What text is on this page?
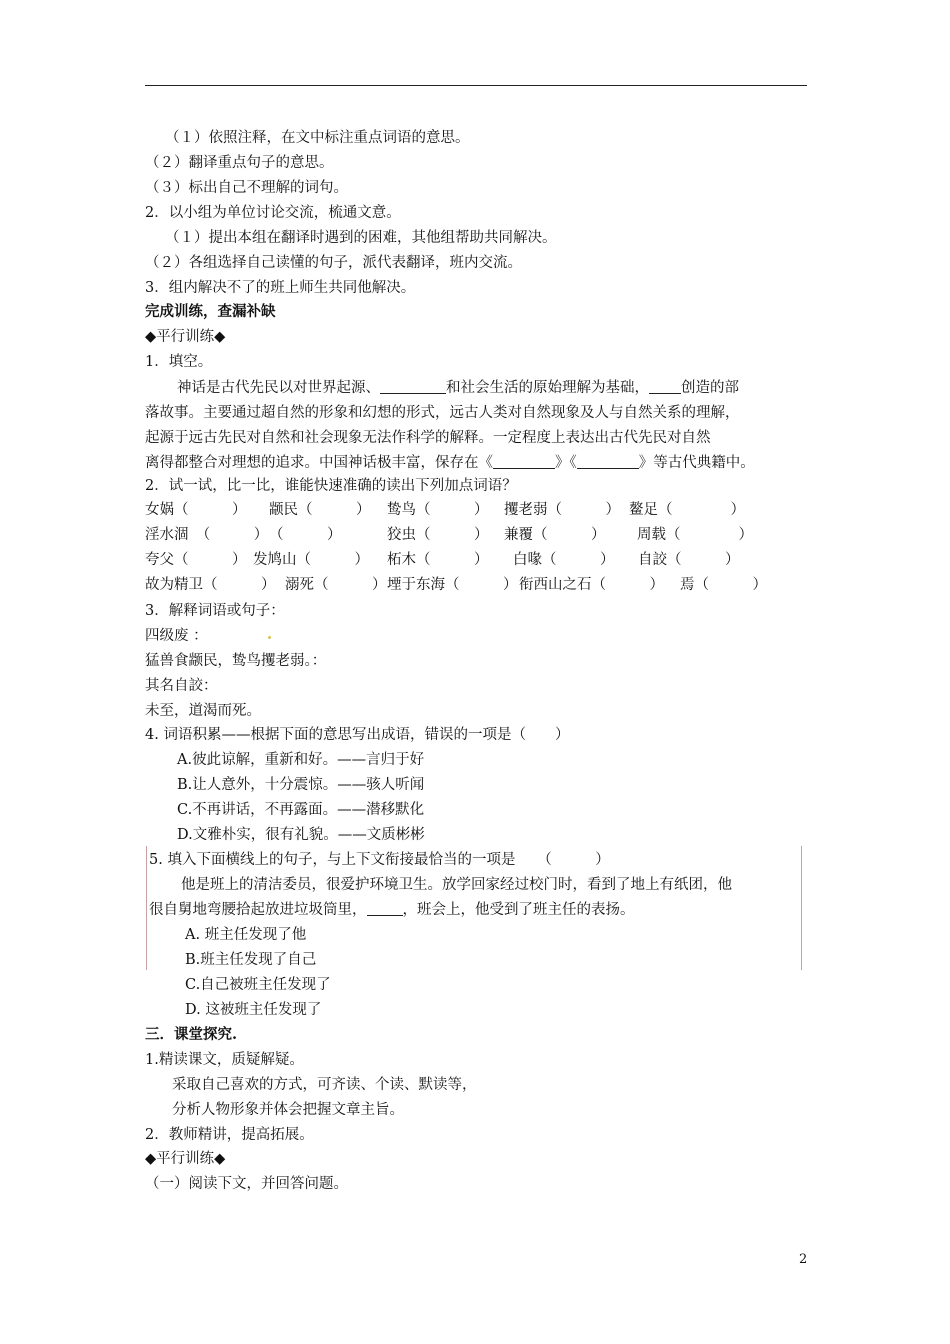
（１）依照注释，在文中标注重点词语的意思。
（２）翻译重点句子的意思。
（３）标出自己不理解的词句。
2．以小组为单位讨论交流，梳通文意。
（１）提出本组在翻译时遇到的困难，其他组帮助共同解决。
（２）各组选择自己读懂的句子，派代表翻译，班内交流。
3．组内解决不了的班上师生共同他解决。
完成训练，查漏补缺
◆平行训练◆
1．填空。
神话是古代先民以对世界起源、	和社会生活的原始理解为基础， 创造的部
落故事。主要通过超自然的形象和幻想的形式，远古人类对自然现象及人与自然关系的理解，
起源于远古先民对自然和社会现象无法作科学的解释。一定程度上表达出古代先民对自然
离得都整合对理想的追求。中国神话极丰富，保存在《	》《	》等古代典籍中。
2．试一试，比一比，谁能快速准确的读出下列加点词语？
女娲（　　　） 颛民（　　　） 鸷鸟（　　　） 攫老弱（　　　） 鳌足（　　　　）
淫水涸　（　　　） （　　　）	狡虫（　　　） 兼覆（　　　） 周载（　　　　）
夸父（　　　） 发鸠山（　　　） 柘木（　　　） 白喙（　　　） 自詨（　　　）
故为精卫（　　　） 溺死（　　　） 堙于东海（　　　） 衔西山之石（　　　） 焉（　　　）
3．解释词语或句子：
四级废 ：
猛兽食颛民，鸷鸟攫老弱。：
其名自詨：
未至，道渴而死。
4. 词语积累——根据下面的意思写出成语，错误的一项是（　　）
A.彼此谅解，重新和好。——言归于好
B.让人意外，十分震惊。——骇人听闻
C.不再讲话，不再露面。——潜移默化
D.文雅朴实，很有礼貌。——文质彬彬
5. 填入下面横线上的句子，与上下文衔接最恰当的一项是　　（　　　）
他是班上的清洁委员，很爱护环境卫生。放学回家经过校门时，看到了地上有纸团，他
很自舅地弯腰拾起放进垃圾筒里， ，班会上，他受到了班主任的表扬。
A. 班主任发现了他
B.班主任发现了自己
C.自己被班主任发现了
D. 这被班主任发现了
三．课堂探究.
1.精读课文，质疑解疑。
采取自己喜欢的方式，可齐读、个读、默读等，
分析人物形象并体会把握文章主旨。
2．教师精讲，提高拓展。
◆平行训练◆
（一）阅读下文，并回答问题。
2
